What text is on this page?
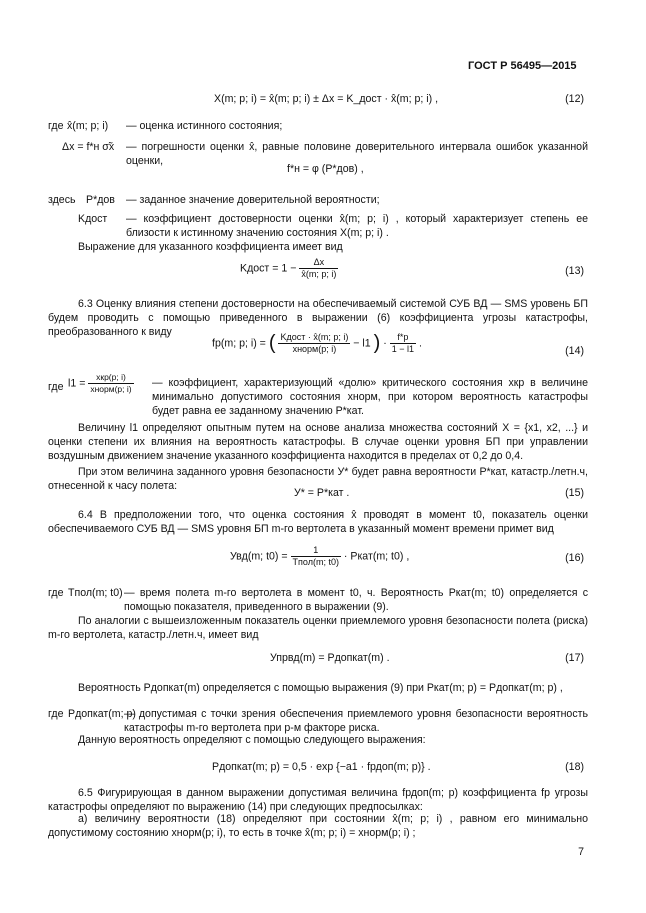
ГОСТ Р 56495—2015
X(m; p; i) = x̂(m; p; i) ± Δx = K_дост · x̂(m; p; i) ,	(12)
где x̂(m; p; i) — оценка истинного состояния;
Δx = f*н σ̃x — погрешности оценки x̂, равные половине доверительного интервала ошибок указанной оценки,
f*н = φ (P*дов) ,
здесь P*дов — заданное значение доверительной вероятности;
Kдост — коэффициент достоверности оценки x̂(m; p; i) , который характеризует степень ее близости к истинному значению состояния X(m; p; i) .
Выражение для указанного коэффициента имеет вид
Kдост = $1 - \frac{\Delta x}{x̂(m; p; i)}$	(13)
6.3 Оценку влияния степени достоверности на обеспечиваемый системой СУБ ВД — SMS уровень БП будем проводить с помощью приведенного в выражении (6) коэффициента угрозы катастрофы, преобразованного к виду
fр(m; p; i) = ( $\frac{\text{Kдост · x̂(m; p; i)}}{\text{xнорм(p; i)}} - l1$ ) · $\frac{f*р}{1 - l1}$ .
(14)
где $l1 = \frac{\text{xкр(p; i)}}{\text{xнорм(p; i)}}$ — коэффициент, характеризующий «долю» критического состояния xкр в величине минимально допустимого состояния xнорм, при котором вероятность катастрофы будет равна ее заданному значению P*кат.
Величину l1 определяют опытным путем на основе анализа множества состояний X = {x1, x2, ...} и оценки степени их влияния на вероятность катастрофы. В случае оценки уровня БП при управлении воздушным движением значение указанного коэффициента находится в пределах от 0,2 до 0,4.
При этом величина заданного уровня безопасности У* будет равна вероятности P*кат, катастр./летн.ч, отнесенной к часу полета:
У* = P*кат .	(15)
6.4 В предположении того, что оценка состояния x̂ проводят в момент t0, показатель оценки обеспечиваемого СУБ ВД — SMS уровня БП m-го вертолета в указанный момент времени примет вид
Увд(m; $t0) = \frac{1}{\text{Tпол(m; t0)}}$ · Pкат(m; t0) ,	(16)
где Tпол(m; t0) — время полета m-го вертолета в момент t0, ч. Вероятность Pкат(m; t0) определяется с помощью показателя, приведенного в выражении (9).
По аналогии с вышеизложенным показатель оценки приемлемого уровня безопасности полета (риска) m-го вертолета, катастр./летн.ч, имеет вид
Упрвд(m) = Pдопкат(m) .	(17)
Вероятность Pдопкат(m) определяется с помощью выражения (9) при Pкат(m; p) = Pдопкат(m; p) ,
где Pдопкат(m; p)
— допустимая с точки зрения обеспечения приемлемого уровня безопасности вероятность катастрофы m-го вертолета при p-м факторе риска.
Данную вероятность определяют с помощью следующего выражения:
Pдопкат(m; p) = 0,5 · exp {−a1 · fрдоп(m; p)} .	(18)
6.5 Фигурирующая в данном выражении допустимая величина fрдоп(m; p) коэффициента fр угрозы катастрофы определяют по выражению (14) при следующих предпосылках:
а) величину вероятности (18) определяют при состоянии x̂(m; p; i) , равном его минимально допустимому состоянию xнорм(p; i), то есть в точке x̂(m; p; i) = xнорм(p; i) ;
7
